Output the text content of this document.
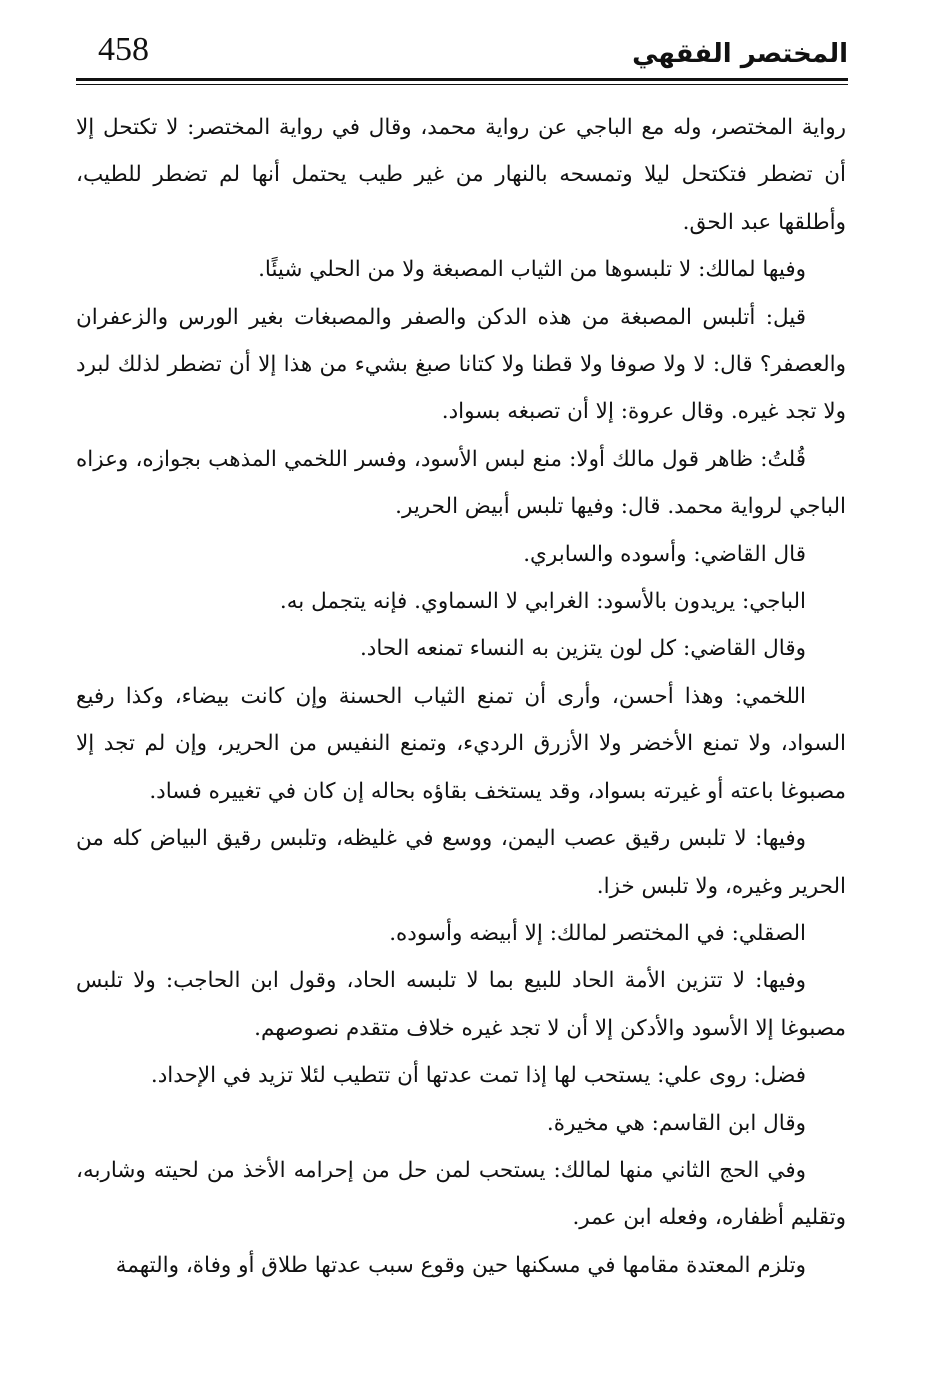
458	المختصر الفقهي

رواية المختصر، وله مع الباجي عن رواية محمد، وقال في رواية المختصر: لا تكتحل إلا أن تضطر فتكتحل ليلا وتمسحه بالنهار من غير طيب يحتمل أنها لم تضطر للطيب، وأطلقها عبد الحق.

وفيها لمالك: لا تلبسوها من الثياب المصبغة ولا من الحلي شيئًا.

قيل: أتلبس المصبغة من هذه الدكن والصفر والمصبغات بغير الورس والزعفران والعصفر؟ قال: لا ولا صوفا ولا قطنا ولا كتانا صبغ بشيء من هذا إلا أن تضطر لذلك لبرد ولا تجد غيره. وقال عروة: إلا أن تصبغه بسواد.

قُلتُ: ظاهر قول مالك أولا: منع لبس الأسود، وفسر اللخمي المذهب بجوازه، وعزاه الباجي لرواية محمد. قال: وفيها تلبس أبيض الحرير.

قال القاضي: وأسوده والسابري.

الباجي: يريدون بالأسود: الغرابي لا السماوي. فإنه يتجمل به.

وقال القاضي: كل لون يتزين به النساء تمنعه الحاد.

اللخمي: وهذا أحسن، وأرى أن تمنع الثياب الحسنة وإن كانت بيضاء، وكذا رفيع السواد، ولا تمنع الأخضر ولا الأزرق الرديء، وتمنع النفيس من الحرير، وإن لم تجد إلا مصبوغا باعته أو غيرته بسواد، وقد يستخف بقاؤه بحاله إن كان في تغييره فساد.

وفيها: لا تلبس رقيق عصب اليمن، ووسع في غليظه، وتلبس رقيق البياض كله من الحرير وغيره، ولا تلبس خزا.

الصقلي: في المختصر لمالك: إلا أبيضه وأسوده.

وفيها: لا تتزين الأمة الحاد للبيع بما لا تلبسه الحاد، وقول ابن الحاجب: ولا تلبس مصبوغا إلا الأسود والأدكن إلا أن لا تجد غيره خلاف متقدم نصوصهم.

فضل: روى علي: يستحب لها إذا تمت عدتها أن تتطيب لئلا تزيد في الإحداد.

وقال ابن القاسم: هي مخيرة.

وفي الحج الثاني منها لمالك: يستحب لمن حل من إحرامه الأخذ من لحيته وشاربه، وتقليم أظفاره، وفعله ابن عمر.

وتلزم المعتدة مقامها في مسكنها حين وقوع سبب عدتها طلاق أو وفاة، والتهمة
